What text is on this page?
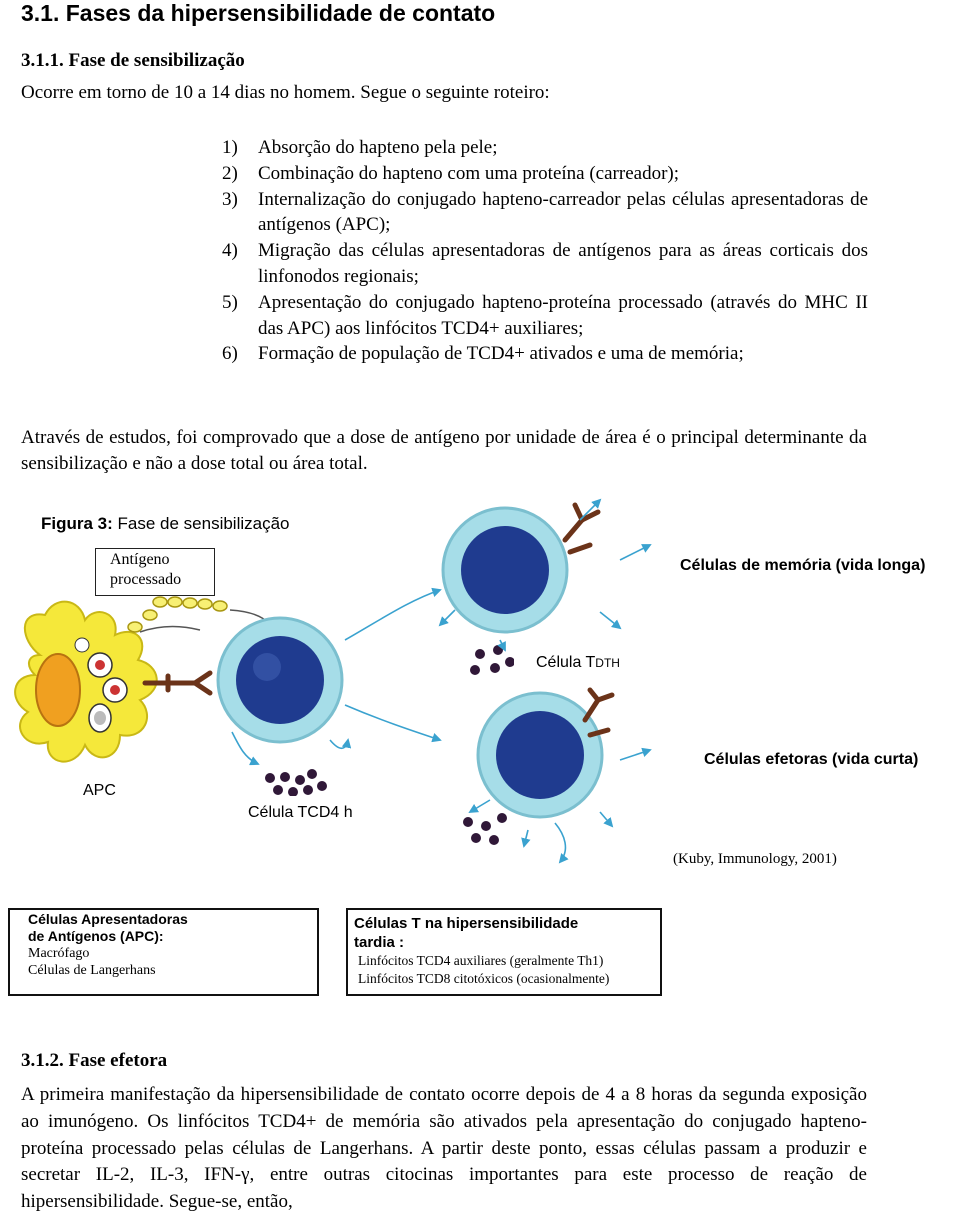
3.1. Fases da hipersensibilidade de contato
3.1.1. Fase de sensibilização
Ocorre em torno de 10 a 14 dias no homem. Segue o seguinte roteiro:
1) Absorção do hapteno pela pele;
2) Combinação do hapteno com uma proteína (carreador);
3) Internalização do conjugado hapteno-carreador pelas células apresentadoras de antígenos (APC);
4) Migração das células apresentadoras de antígenos para as áreas corticais dos linfonodos regionais;
5) Apresentação do conjugado hapteno-proteína processado (através do MHC II das APC) aos linfócitos TCD4+ auxiliares;
6) Formação de população de TCD4+ ativados e uma de memória;
Através de estudos, foi comprovado que a dose de antígeno por unidade de área é o principal determinante da sensibilização e não a dose total ou área total.
Figura 3: Fase de sensibilização
Antígeno
processado
Células de memória (vida longa)
Célula TDTH
Células efetoras (vida curta)
APC
Célula TCD4 h
(Kuby, Immunology, 2001)
Células Apresentadoras
de Antígenos (APC):
Macrófago
Células de Langerhans
Células T na hipersensibilidade
tardia :
Linfócitos TCD4 auxiliares (geralmente Th1)
Linfócitos TCD8 citotóxicos (ocasionalmente)
3.1.2. Fase efetora
A primeira manifestação da hipersensibilidade de contato ocorre depois de 4 a 8 horas da segunda exposição ao imunógeno. Os linfócitos TCD4+ de memória são ativados pela apresentação do conjugado hapteno-proteína processado pelas células de Langerhans. A partir deste ponto, essas células passam a produzir e secretar IL-2, IL-3, IFN-γ, entre outras citocinas importantes para este processo de reação de hipersensibilidade. Segue-se, então,
